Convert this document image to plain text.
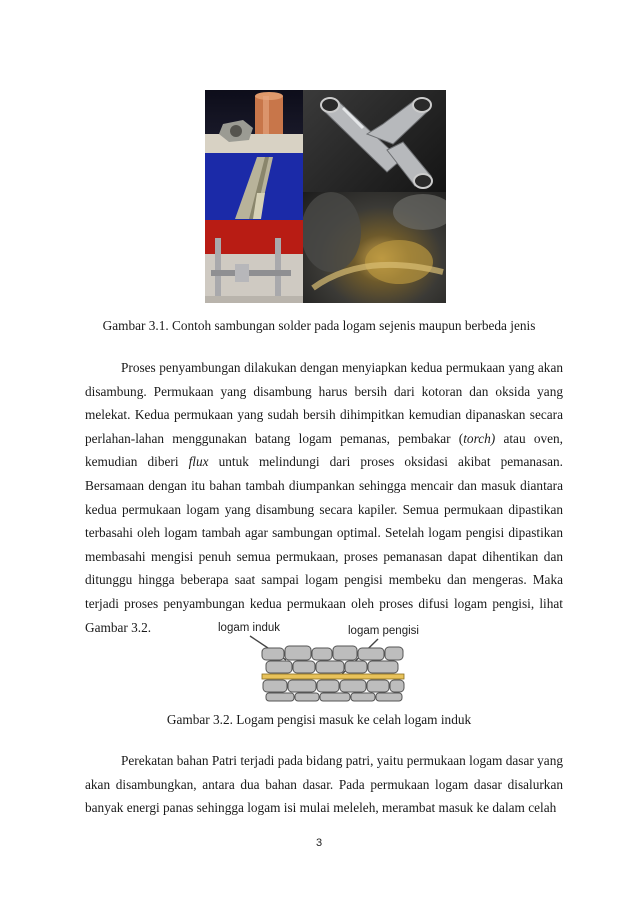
Gambar 3.1. Contoh sambungan solder pada logam sejenis maupun berbeda jenis

Proses penyambungan dilakukan dengan menyiapkan kedua permukaan yang akan disambung. Permukaan yang disambung harus bersih dari kotoran dan oksida yang melekat. Kedua permukaan yang sudah bersih dihimpitkan kemudian dipanaskan secara perlahan-lahan menggunakan batang logam pemanas, pembakar (torch) atau oven, kemudian diberi flux untuk melindungi dari proses oksidasi akibat pemanasan. Bersamaan dengan itu bahan tambah diumpankan sehingga mencair dan masuk diantara kedua permukaan logam yang disambung secara kapiler. Semua permukaan dipastikan terbasahi oleh logam tambah agar sambungan optimal. Setelah logam pengisi dipastikan membasahi mengisi penuh semua permukaan, proses pemanasan dapat dihentikan dan ditunggu hingga beberapa saat sampai logam pengisi membeku dan mengeras. Maka terjadi proses penyambungan kedua permukaan oleh proses difusi logam pengisi, lihat Gambar 3.2.	logam induk	logam pengisi
Gambar 3.2. Logam pengisi masuk ke celah logam induk

Perekatan bahan Patri terjadi pada bidang patri, yaitu permukaan logam dasar yang akan disambungkan, antara dua bahan dasar. Pada permukaan logam dasar disalurkan banyak energi panas sehingga logam isi mulai meleleh, merambat masuk ke dalam celah

3
